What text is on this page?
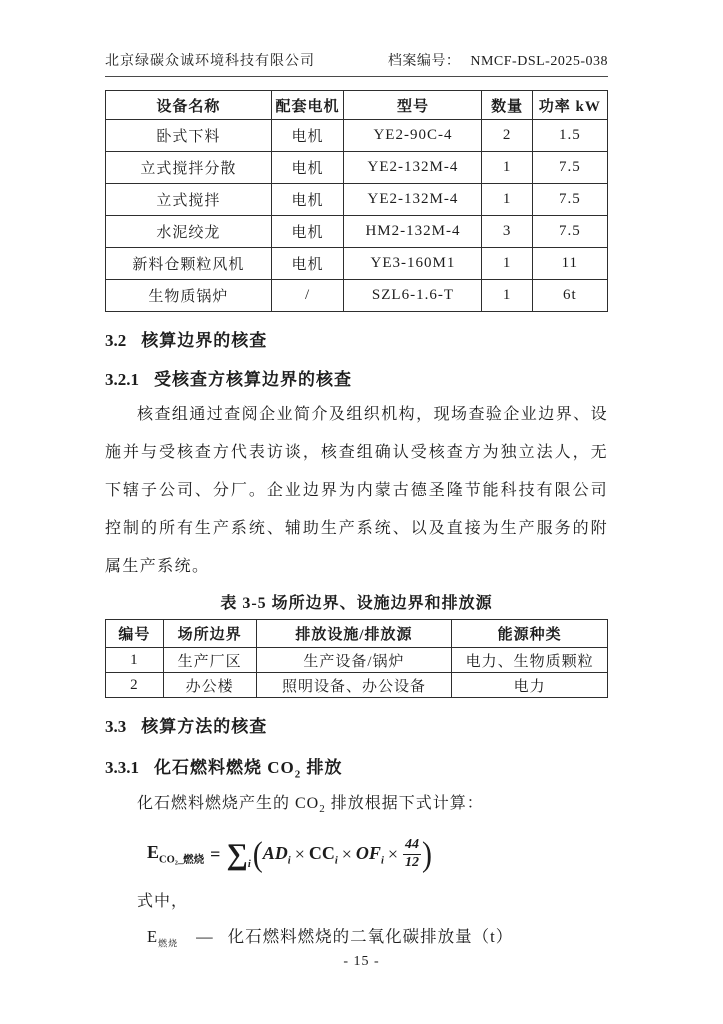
北京绿碳众诚环境科技有限公司	档案编号： NMCF-DSL-2025-038
设备名称	配套电机	型号	数量	功率 kW
卧式下料	电机	YE2-90C-4	2	1.5
立式搅拌分散	电机	YE2-132M-4	1	7.5
立式搅拌	电机	YE2-132M-4	1	7.5
水泥绞龙	电机	HM2-132M-4	3	7.5
新料仓颗粒风机	电机	YE3-160M1	1	11
生物质锅炉	/	SZL6-1.6-T	1	6t
3.2 核算边界的核查
3.2.1 受核查方核算边界的核查

核查组通过查阅企业简介及组织机构，现场查验企业边界、设施并与受核查方代表访谈，核查组确认受核查方为独立法人，无下辖子公司、分厂。企业边界为内蒙古德圣隆节能科技有限公司控制的所有生产系统、辅助生产系统、以及直接为生产服务的附属生产系统。

表 3-5 场所边界、设施边界和排放源
编号	场所边界	排放设施/排放源	能源种类
1	生产厂区	生产设备/锅炉	电力、生物质颗粒
2	办公楼	照明设备、办公设备	电力
3.3 核算方法的核查
3.3.1 化石燃料燃烧 $CO_2$ 排放

化石燃料燃烧产生的 $CO_2$ 排放根据下式计算：

$E_{CO_2\_燃烧} = \sum_i$ ( $AD_i \times CC_i \times OF_i \times \frac{44}{12}$ )

式中，

$E_{燃烧}$ — 化石燃料燃烧的二氧化碳排放量（t）
- 15 -
